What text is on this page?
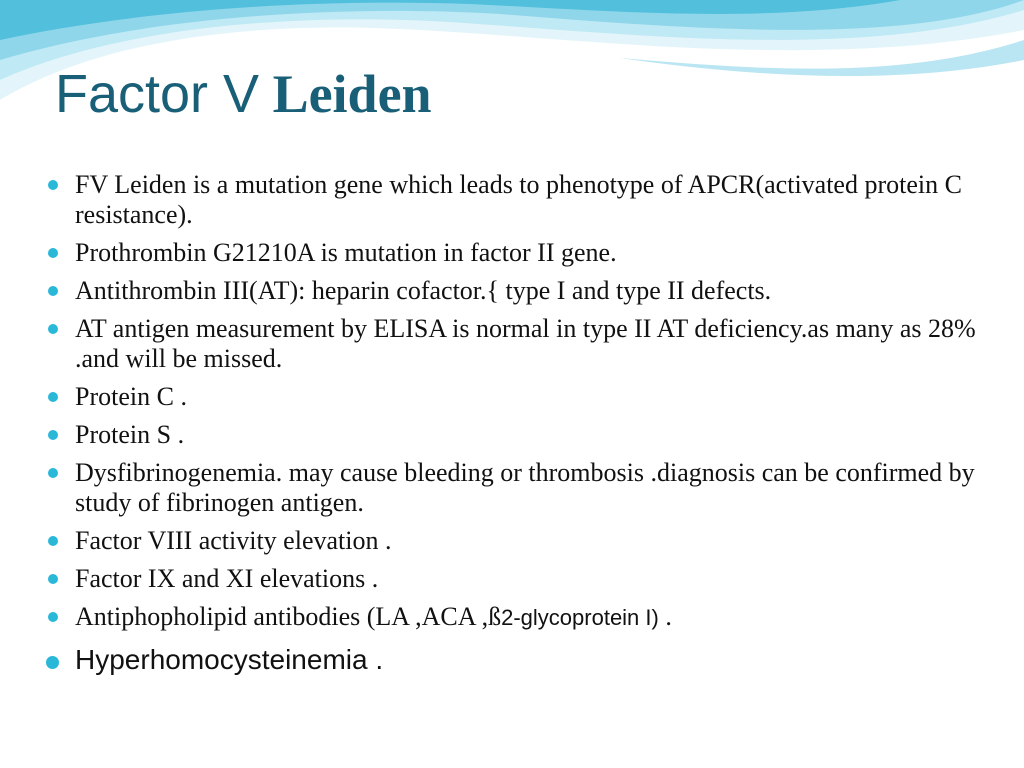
Factor V Leiden
FV Leiden is a mutation gene which leads to phenotype of APCR(activated protein C resistance).
Prothrombin G21210A is mutation in factor II gene.
Antithrombin III(AT): heparin cofactor.{ type I and type II defects.
AT antigen measurement by ELISA is normal in type II AT deficiency.as many as 28% .and will be missed.
Protein C .
Protein S .
Dysfibrinogenemia. may cause bleeding or thrombosis .diagnosis can be confirmed by study of fibrinogen antigen.
Factor VIII activity elevation .
Factor IX and XI elevations .
Antiphopholipid antibodies (LA ,ACA ,ß2-glycoprotein I) .
Hyperhomocysteinemia .
